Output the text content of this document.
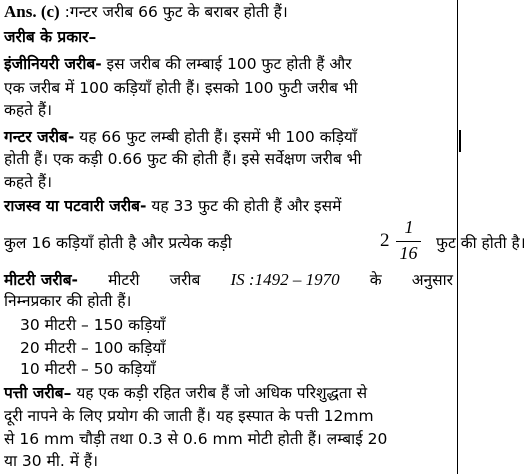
Ans. (c) :गन्टर जरीब 66 फुट के बराबर होती हैं।
जरीब के प्रकार–
इंजीनियरी जरीब- इस जरीब की लम्बाई 100 फुट होती हैं और
एक जरीब में 100 कड़ियाँ होती हैं। इसको 100 फुटी जरीब भी
कहते हैं।
गन्टर जरीब- यह 66 फुट लम्बी होती हैं। इसमें भी 100 कड़ियाँ
होती हैं। एक कड़ी 0.66 फुट की होती हैं। इसे सर्वेक्षण जरीब भी
कहते हैं।
राजस्व या पटवारी जरीब- यह 33 फुट की होती हैं और इसमें
कुल 16 कड़ियाँ होती है और प्रत्येक कड़ी	2
1
16 फुट की होती है।
मीटरी जरीब- मीटरी जरीब IS :1492 – 1970 के अनुसार
निम्नप्रकार की होती हैं।
30 मीटरी – 150 कड़ियाँ
20 मीटरी – 100 कड़ियाँ
10 मीटरी – 50 कड़ियाँ
पत्ती जरीब– यह एक कड़ी रहित जरीब हैं जो अधिक परिशुद्धता से
दूरी नापने के लिए प्रयोग की जाती हैं। यह इस्पात के पत्ती 12mm
से 16 mm चौड़ी तथा 0.3 से 0.6 mm मोटी होती हैं। लम्बाई 20
या 30 मी. में हैं।
